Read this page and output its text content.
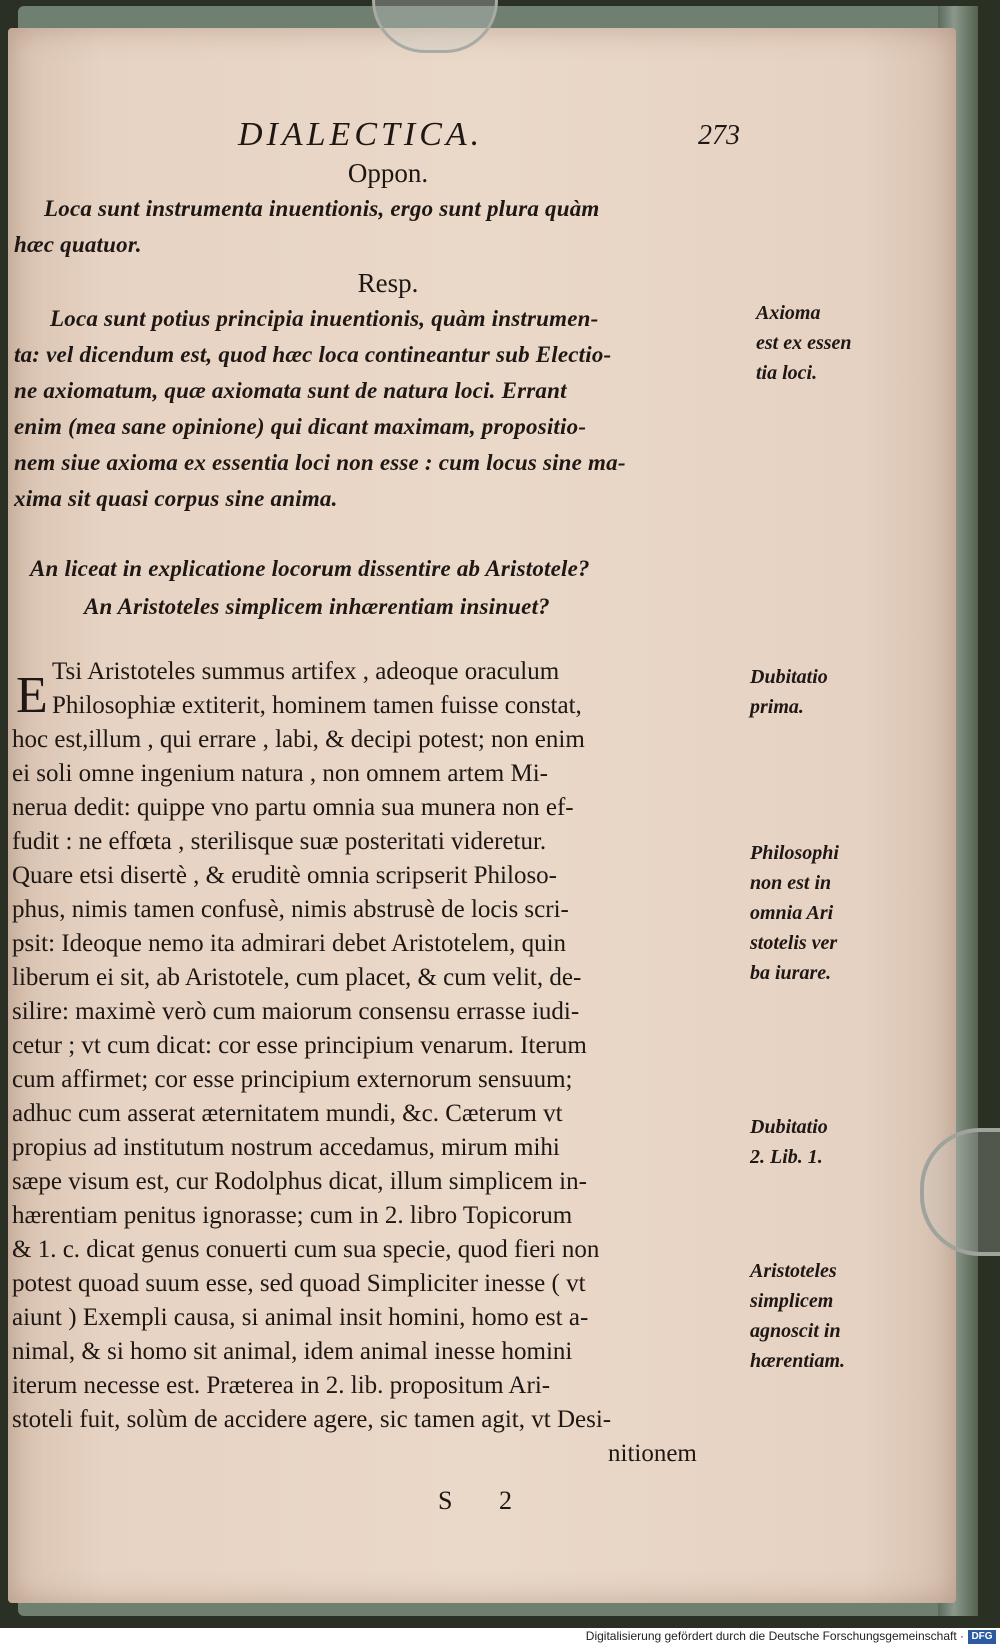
DIALECTICA.	273
Oppon.
Loca sunt instrumenta inuentionis, ergo sunt plura quàm
hæc quatuor.
Resp.
Loca sunt potius principia inuentionis, quàm instrumen-
ta: vel dicendum est, quod hæc loca contineantur sub Electio-
ne axiomatum, quæ axiomata sunt de natura loci. Errant
enim (mea sane opinione) qui dicant maximam, propositio-
nem siue axioma ex essentia loci non esse : cum locus sine ma-
xima sit quasi corpus sine anima.
An liceat in explicatione locorum dissentire ab Aristotele?
An Aristoteles simplicem inhærentiam insinuet?
E Tsi Aristoteles summus artifex , adeoque oraculum
Philosophiæ extiterit, hominem tamen fuisse constat,
hoc est,illum , qui errare , labi, & decipi potest; non enim
ei soli omne ingenium natura , non omnem artem Mi-
nerua dedit: quippe vno partu omnia sua munera non ef-
fudit : ne effœta , sterilisque suæ posteritati videretur.
Quare etsi disertè , & eruditè omnia scripserit Philoso-
phus, nimis tamen confusè, nimis abstrusè de locis scri-
psit: Ideoque nemo ita admirari debet Aristotelem, quin
liberum ei sit, ab Aristotele, cum placet, & cum velit, de-
silire: maximè verò cum maiorum consensu errasse iudi-
cetur ; vt cum dicat: cor esse principium venarum. Iterum
cum affirmet; cor esse principium externorum sensuum;
adhuc cum asserat æternitatem mundi, &c. Cæterum vt
propius ad institutum nostrum accedamus, mirum mihi
sæpe visum est, cur Rodolphus dicat, illum simplicem in-
hærentiam penitus ignorasse; cum in 2. libro Topicorum
& 1. c. dicat genus conuerti cum sua specie, quod fieri non
potest quoad suum esse, sed quoad Simpliciter inesse ( vt
aiunt ) Exempli causa, si animal insit homini, homo est a-
nimal, & si homo sit animal, idem animal inesse homini
iterum necesse est. Præterea in 2. lib. propositum Ari-
stoteli fuit, solùm de accidere agere, sic tamen agit, vt Desi-
nitionem
S 2
Axioma
est ex essen
tia loci.
Dubitatio
prima.
Philosophi
non est in
omnia Ari
stotelis ver
ba iurare.
Dubitatio
2. Lib. 1.
Aristoteles
simplicem
agnoscit in
hærentiam.
Digitalisierung gefördert durch die Deutsche Forschungsgemeinschaft · DFG
